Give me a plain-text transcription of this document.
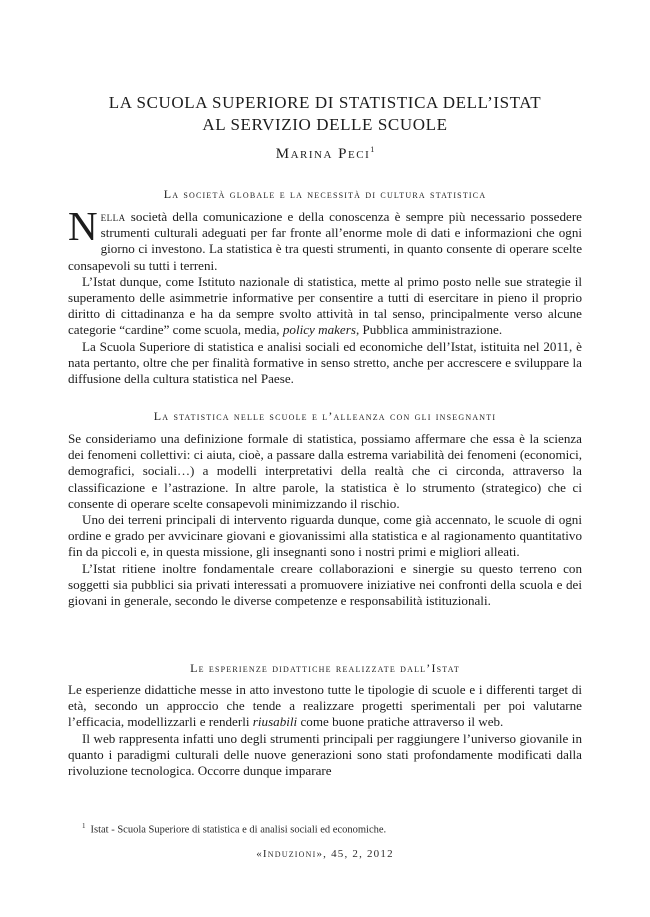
LA SCUOLA SUPERIORE DI STATISTICA DELL’ISTAT
AL SERVIZIO DELLE SCUOLE
Marina Peci$^1$
La società globale e la necessità di cultura statistica

Nella società della comunicazione e della conoscenza è sempre più necessario possedere strumenti culturali adeguati per far fronte all’enorme mole di dati e informazioni che ogni giorno ci investono. La statistica è tra questi strumenti, in quanto consente di operare scelte consapevoli su tutti i terreni.

L’Istat dunque, come Istituto nazionale di statistica, mette al primo posto nelle sue strategie il superamento delle asimmetrie informative per consentire a tutti di esercitare in pieno il proprio diritto di cittadinanza e ha da sempre svolto attività in tal senso, principalmente verso alcune categorie “cardine” come scuola, media, policy makers, Pubblica amministrazione.

La Scuola Superiore di statistica e analisi sociali ed economiche dell’Istat, istituita nel 2011, è nata pertanto, oltre che per finalità formative in senso stretto, anche per accrescere e sviluppare la diffusione della cultura statistica nel Paese.

La statistica nelle scuole e l’alleanza con gli insegnanti

Se consideriamo una definizione formale di statistica, possiamo affermare che essa è la scienza dei fenomeni collettivi: ci aiuta, cioè, a passare dalla estrema variabilità dei fenomeni (economici, demografici, sociali…) a modelli interpretativi della realtà che ci circonda, attraverso la classificazione e l’astrazione. In altre parole, la statistica è lo strumento (strategico) che ci consente di operare scelte consapevoli minimizzando il rischio.

Uno dei terreni principali di intervento riguarda dunque, come già accennato, le scuole di ogni ordine e grado per avvicinare giovani e giovanissimi alla statistica e al ragionamento quantitativo fin da piccoli e, in questa missione, gli insegnanti sono i nostri primi e migliori alleati.

L’Istat ritiene inoltre fondamentale creare collaborazioni e sinergie su questo terreno con soggetti sia pubblici sia privati interessati a promuovere iniziative nei confronti della scuola e dei giovani in generale, secondo le diverse competenze e responsabilità istituzionali.

Le esperienze didattiche realizzate dall’Istat

Le esperienze didattiche messe in atto investono tutte le tipologie di scuole e i differenti target di età, secondo un approccio che tende a realizzare progetti sperimentali per poi valutarne l’efficacia, modellizzarli e renderli riusabili come buone pratiche attraverso il web.

Il web rappresenta infatti uno degli strumenti principali per raggiungere l’universo giovanile in quanto i paradigmi culturali delle nuove generazioni sono stati profondamente modificati dalla rivoluzione tecnologica. Occorre dunque imparare

«Induzioni», 45, 2, 2012
$^1$ Istat - Scuola Superiore di statistica e di analisi sociali ed economiche.
